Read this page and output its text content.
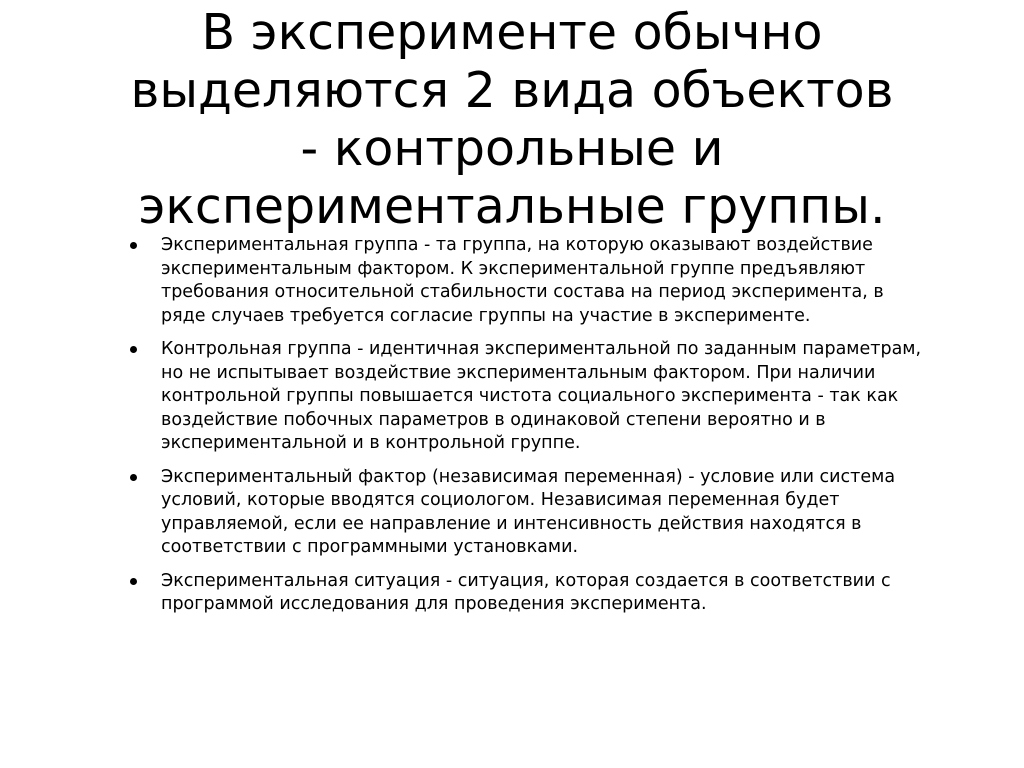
В эксперименте обычно
выделяются 2 вида объектов
- контрольные и
экспериментальные группы.
Экспериментальная группа - та группа, на которую оказывают воздействие экспериментальным фактором. К экспериментальной группе предъявляют требования относительной стабильности состава на период эксперимента, в ряде случаев требуется согласие группы на участие в эксперименте.
Контрольная группа - идентичная экспериментальной по заданным параметрам, но не испытывает воздействие экспериментальным фактором. При наличии контрольной группы повышается чистота социального эксперимента - так как воздействие побочных параметров в одинаковой степени вероятно и в экспериментальной и в контрольной группе.
Экспериментальный фактор (независимая переменная) - условие или система условий, которые вводятся социологом. Независимая переменная будет управляемой, если ее направление и интенсивность действия находятся в соответствии с программными установками.
Экспериментальная ситуация - ситуация, которая создается в соответствии с программой исследования для проведения эксперимента.
